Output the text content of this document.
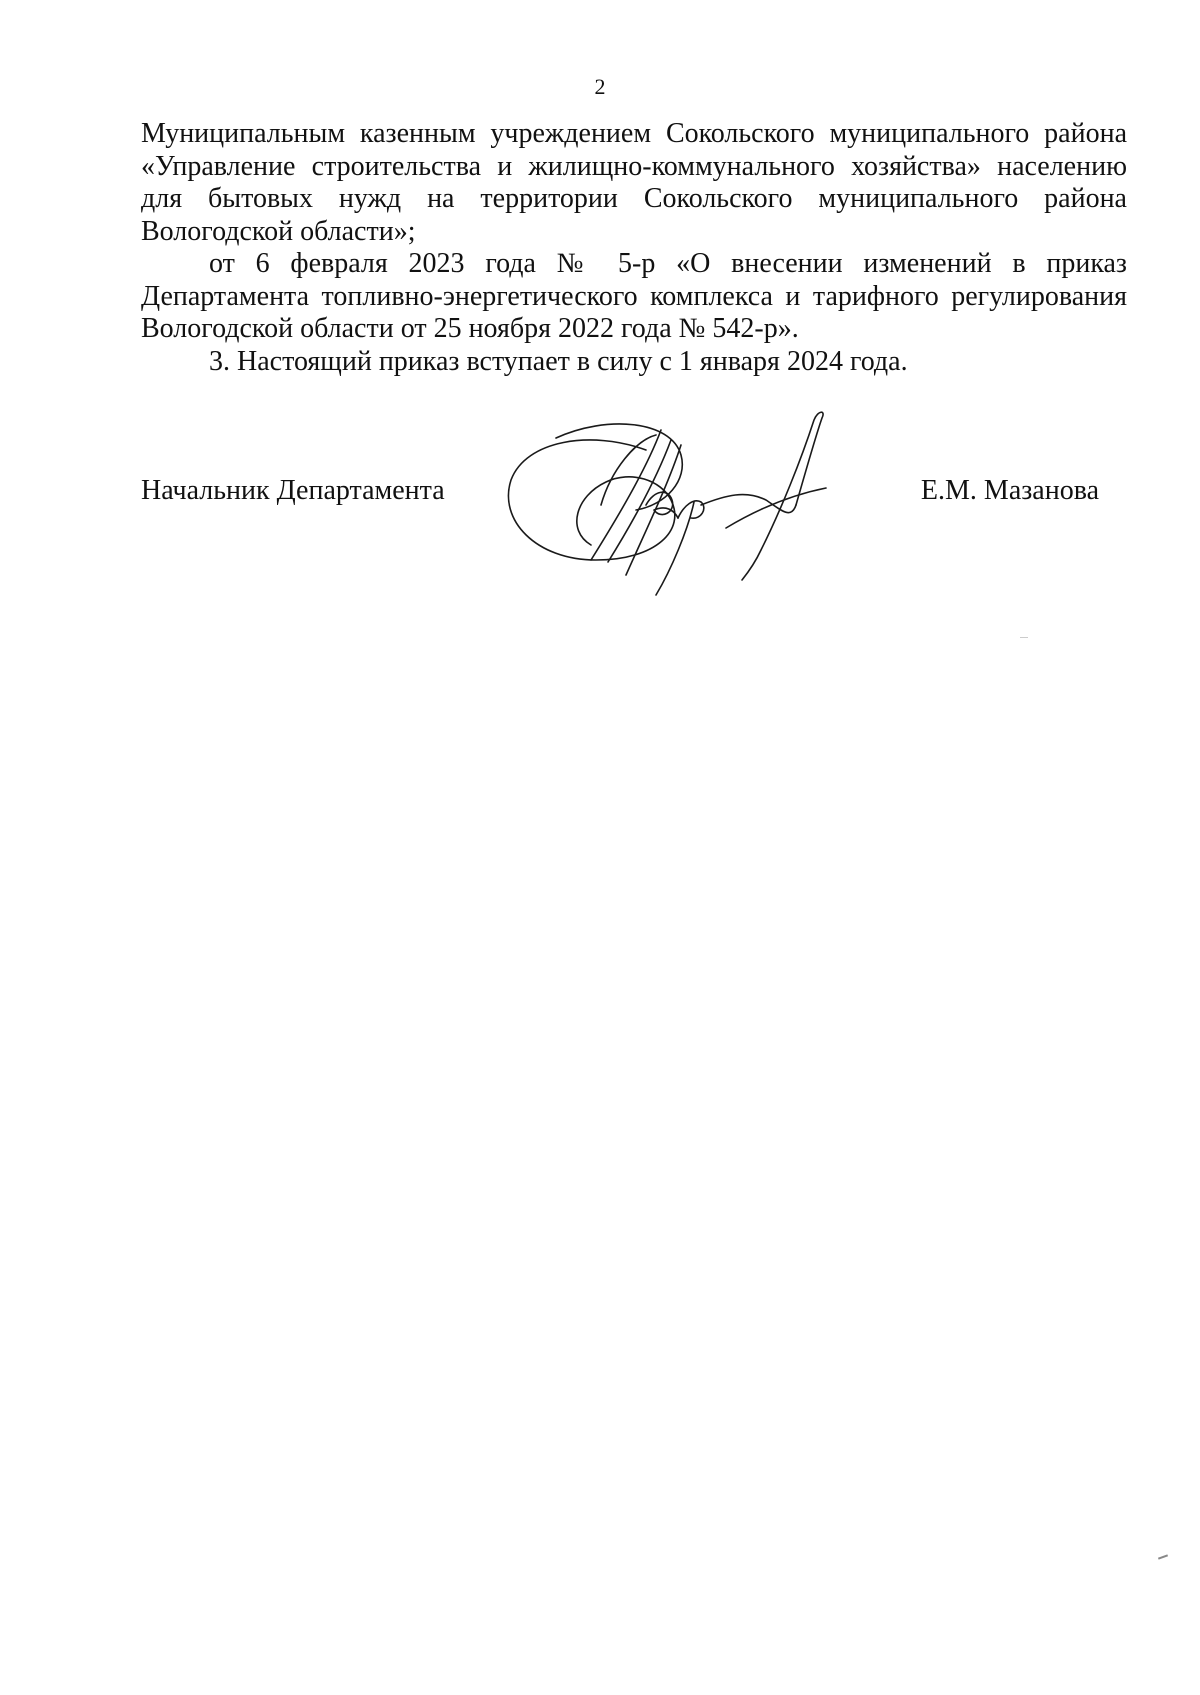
2

Муниципальным казенным учреждением Сокольского муниципального района «Управление строительства и жилищно-коммунального хозяйства» населению для бытовых нужд на территории Сокольского муниципального района Вологодской области»;

от 6 февраля 2023 года № 5-р «О внесении изменений в приказ Департамента топливно-энергетического комплекса и тарифного регулирования Вологодской области от 25 ноября 2022 года № 542-р».

3. Настоящий приказ вступает в силу с 1 января 2024 года.

Начальник Департамента	Е.М. Мазанова
